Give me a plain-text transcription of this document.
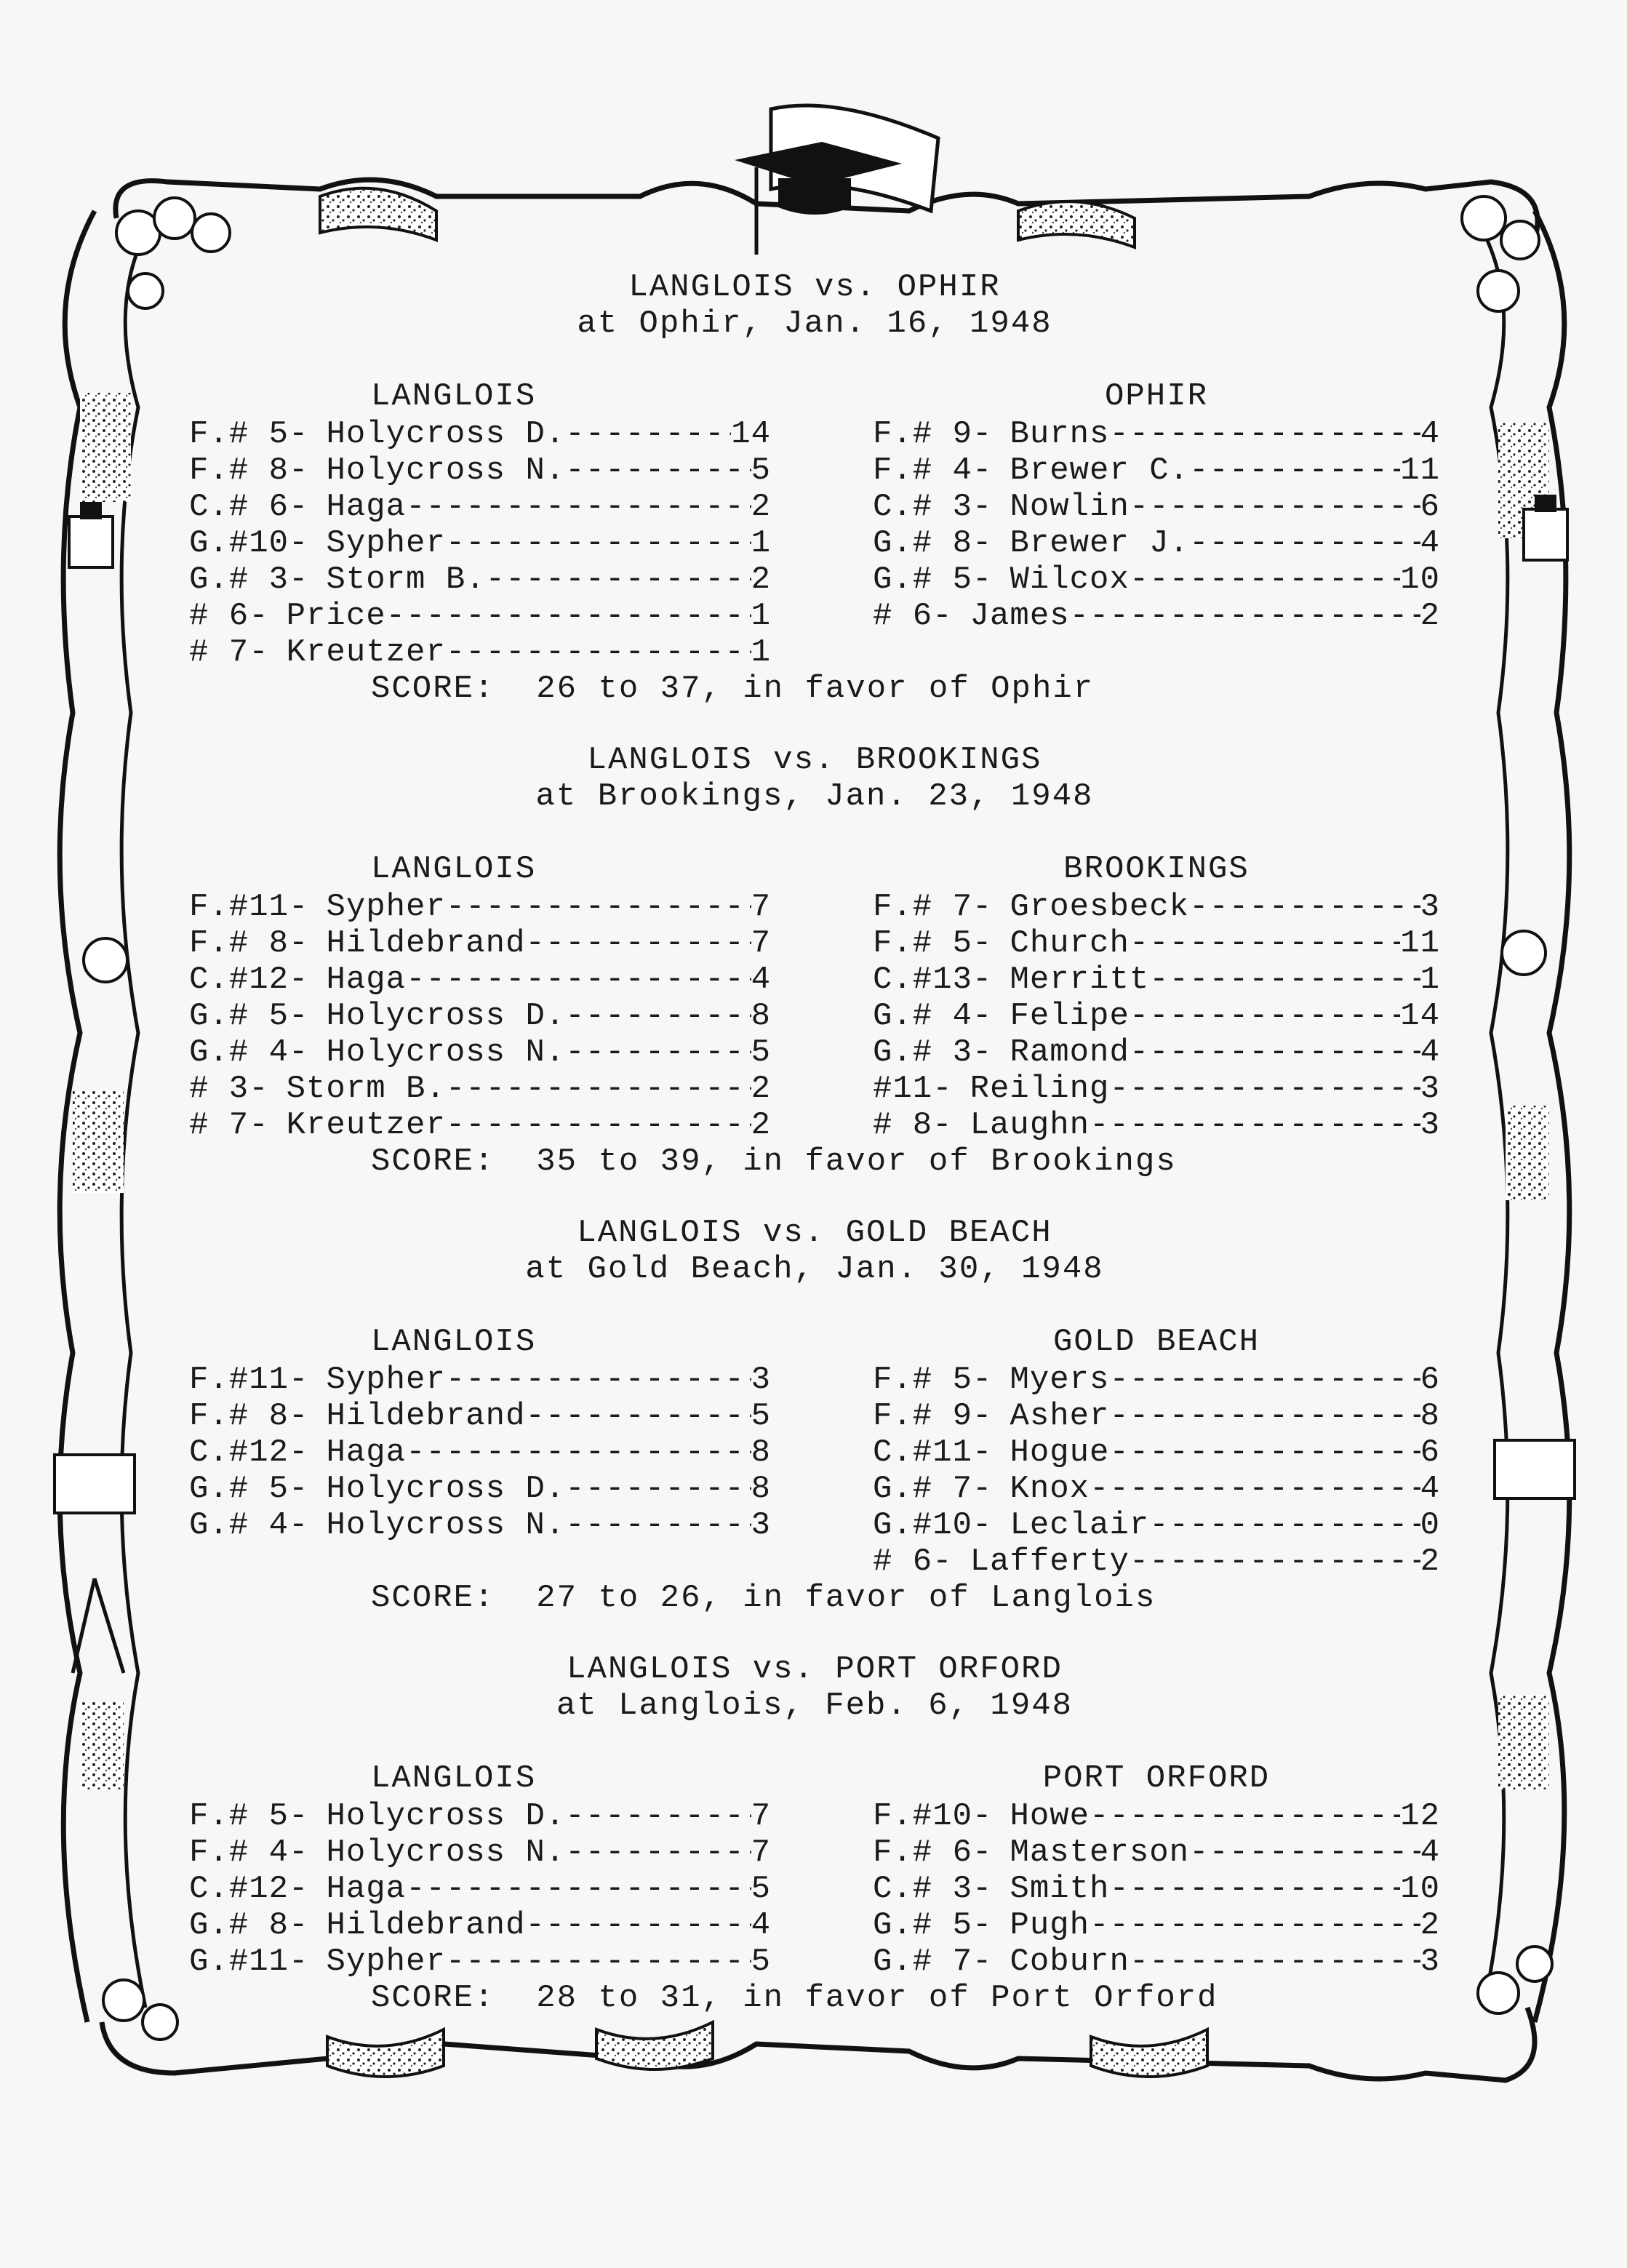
LANGLOIS vs. OPHIR
at Ophir, Jan. 16, 1948
LANGLOIS
F.# 5- Holycross D. -----	14
F.# 8- Holycross N. -----	5
C.# 6- Haga -----	2
G.#10- Sypher -----	1
G.# 3- Storm B. -----	2
# 6- Price -----	1
# 7- Kreutzer -----	1
OPHIR
F.# 9- Burns -----	4
F.# 4- Brewer C. -----	11
C.# 3- Nowlin -----	6
G.# 8- Brewer J. -----	4
G.# 5- Wilcox -----	10
# 6- James -----	2
SCORE:  26 to 37, in favor of Ophir
LANGLOIS vs. BROOKINGS
at Brookings, Jan. 23, 1948
LANGLOIS
F.#11- Sypher -----	7
F.# 8- Hildebrand -----	7
C.#12- Haga -----	4
G.# 5- Holycross D. -----	8
G.# 4- Holycross N. -----	5
# 3- Storm B. -----	2
# 7- Kreutzer -----	2
BROOKINGS
F.# 7- Groesbeck -----	3
F.# 5- Church -----	11
C.#13- Merritt -----	1
G.# 4- Felipe -----	14
G.# 3- Ramond -----	4
#11- Reiling -----	3
# 8- Laughn -----	3
SCORE:  35 to 39, in favor of Brookings
LANGLOIS vs. GOLD BEACH
at Gold Beach, Jan. 30, 1948
LANGLOIS
F.#11- Sypher -----	3
F.# 8- Hildebrand -----	5
C.#12- Haga -----	8
G.# 5- Holycross D. -----	8
G.# 4- Holycross N. -----	3
GOLD BEACH
F.# 5- Myers -----	6
F.# 9- Asher -----	8
C.#11- Hogue -----	6
G.# 7- Knox -----	4
G.#10- Leclair -----	0
# 6- Lafferty -----	2
SCORE:  27 to 26, in favor of Langlois
LANGLOIS vs. PORT ORFORD
at Langlois, Feb. 6, 1948
LANGLOIS
F.# 5- Holycross D. -----	7
F.# 4- Holycross N. -----	7
C.#12- Haga -----	5
G.# 8- Hildebrand -----	4
G.#11- Sypher -----	5
PORT ORFORD
F.#10- Howe -----	12
F.# 6- Masterson -----	4
C.# 3- Smith -----	10
G.# 5- Pugh -----	2
G.# 7- Coburn -----	3
SCORE:  28 to 31, in favor of Port Orford
